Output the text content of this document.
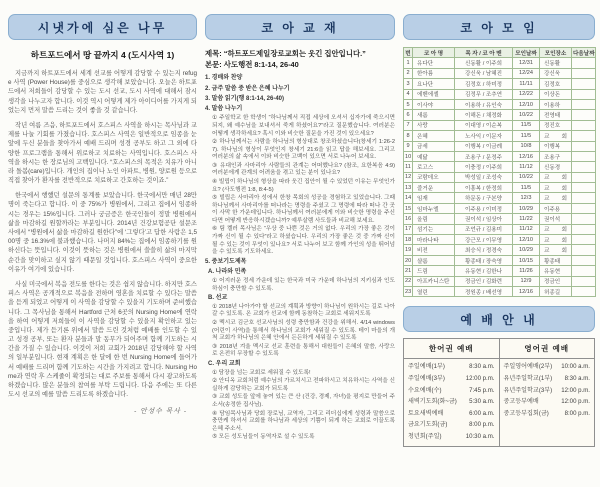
시냇가에 심은 나무
하트포드에서 땅 끝까지 4 (도시사역 1)

지금까지 하트포드에서 세계 선교를 어떻게 감당할 수 있는지 refuge 사역 (Power House)를 중심으로 생각해 보았습니다. 오늘은 하트포드에서 저희들이 감당할 수 있는 도시 선교, 도시 사역에 대해서 잠시 생각을 나누고자 합니다. 이것 역시 어떻게 제가 아이디어를 가지게 되었는지 먼저 말씀 드리는 것이 좋을 것 같습니다.

작년 여름 즈음, 하트포드에서 호스피스 사역을 하시는 목사님과 교제를 나눌 기회를 가졌습니다. 호스피스 사역은 일반적으로 임종을 눈 앞에 두신 분들을 찾아가서 예배 드리며 성경 공부도 하고 그 외에 다양한 프로그램을 통해서 위로하고 치료하는 사역입니다. 호스피스 사역을 하시는 한 장로님의 고백입니다. “호스피스의 목적은 치유가 아니라 돌봄(care)입니다. 개인의 집이나 노인 아파트, 병원, 양로원 등으로 직접 찾아가 환자를 전반적으로 치료하고 간호하는 것이죠.”

한국에서 행했던 설문의 통계를 보았습니다. 한국에서만 매년 28만 명이 죽는다고 합니다. 이 중 75%가 병원에서, 그리고 집에서 임종하시는 경우는 15%입니다. 그러나 궁금증은 한국인들이 정말 병원에서 삶을 마감하길 원할까라는 부분입니다. 2014년 건강보험공단 설문조사에서 “병원에서 삶을 마감하길 원한다”에 ‘그렇다’고 답한 사람은 1,500명 중 16.3%에 불과했습니다. 나머지 84%는 집에서 임종하기를 원하신다는 뜻입니다. 이것이 뜻하는 것은 병원에서 쓸쓸히 삶의 마지막 순간을 맞이하고 싶지 않기 때문일 것입니다. 호스피스 사역이 중요한 이유가 여기에 있습니다.

사실 미국에서 복음 전도를 한다는 것은 쉽지 않습니다. 하지만 호스피스 사역은 공개적으로 복음을 전하며 영혼을 치료할 수 있다는 말씀을 듣게 되었고 어떻게 이 사역을 감당할 수 있을지 기도하며 준비했습니다. 그 목사님을 통해서 Hartford 근처 6곳의 Nursing Home에 연락을 하여 어떻게 저희들이 이 사역을 감당할 수 있을지 확인하고 있는 중입니다. 제가 듣기론 위에서 말씀 드린 것처럼 예배를 인도할 수 있고 성경 공부, 또는 환자 분들과 말 동무가 되어주며 함께 기도하는 시간을 가질 수 있습니다. 이것이 저희 교회가 2018년 감당해야 할 사역의 일부분입니다. 현재 계획은 한 달에 한 번 Nursing Home에 들어가서 예배를 드리며 함께 기도하는 시간을 가지려고 합니다. Nursing Home과 연락 후 스케줄이 확정되는 대로 주보를 통해서 다시 광고하도록 하겠습니다. 많은 분들의 참여를 부탁 드립니다. 다음 주에는 또 다른 도시 선교의 예를 말씀 드리도록 하겠습니다.

- 안성수 목사 -
코 아 교 재
제목: “하트포드제일장로교회는 웃긴 집안입니다.”
본문: 사도행전 8:1-14, 26-40
1. 경배와 찬양
2. 금주 말씀 중 받은 은혜 나누기
3. 말씀 읽기(행 8:1-14, 26-40)
4. 말씀 나누기
① 주일학교 한 학생이 “하나님께서 직접 세상에 오셔서 십자가에 죽으시면 되지, 왜 예수님을 보내셔서 죽게 하셨어요?”라고 질문했습니다. 여러분은 어떻게 생각하세요? 혹시 이와 비슷한 질문을 가진 것이 있으세요?
② 하나님께서는 사람을 하나님의 형상대로 창조하셨습니다(창세기 1:26-27). 하나님의 형상이 무엇인지 창세기 21:6을 읽고 답을 해보세요. 그리고 여러분의 삶 속에서 이와 비슷한 고백이 있으면 서로 나누어 보세요.
③ 유대인과 사마리아 사람들의 관계는 어떠했나요? (참조, 요한복음 4:9) 여러분에게 관계의 어려움을 겪고 있는 분이 있나요?
④ 빌립이 하나님의 형상을 따라 웃긴 집안이 될 수 있었던 이유는 무엇인가요? (사도행전 1:8, 8:4-5)
⑤ 빌립은 사마리아 성에서 한창 목회의 성공을 경험하고 있었습니다. 그때 하나님께서 사마리아를 떠나라는 명령을 주셨고 그 명령에 따라 떠나 간 곳이 사막 한 가운데입니다. 하나님께서 여러분에게 이와 비슷한 명령을 주신다면 어떻게 반응하시겠습니까? 예루살렘 사도들과 비교해 보세요.
⑥ 팀 켈러 목사님은 “우상 중 나쁜 것은 거의 없다. 우리의 가장 좋은 것이 가짜 신이 될 수 있다”라고 하셨습니다. 우리의 가장 좋은 것 중 가짜 신이 될 수 있는 것이 무엇이 있나요? 서로 나누어 보고 함께 가인의 성을 뛰어넘을 수 있도록 기도하세요.
5. 중보기도제목
A. 나라와 민족
① 어지러운 정세 가운데 있는 한국과 미국 가운데 하나님의 지키심과 인도하심이 충만할 수 있도록.
B. 선교
① 2018년 나아가야 할 선교의 계획과 방향이 하나님이 원하시는 길로 나아갈 수 있도록. 온 교회가 선교에 함께 동참하는 교회로 세워지도록
② 멕시코 김군호 선교사님의 성령 충만함과 건강을 위해서. 4/14 windows (어린이 사역)을 통해서 하나님의 교회가 세워질 수 있도록. 테이 마을의 개척 교회가 하나님의 은혜 안에서 든든하게 세워질 수 있도록
③ 2018년 겨울 멕시코 선교 훈련을 통해서 대원들이 은혜의 말씀, 사랑으로 온전히 무장할 수 있도록
C. 우리 교회
① 담장을 넘는 교회로 세워질 수 있도록!
② 안디옥 교회처럼 예수님의 가르치시고 전파하시고 치유하시는 사역을 신실하게 감당하는 교회가 되도록
③ 교회 성도들 앞에 놓여 있는 큰 산 (건강, 경제, 자녀)을 평지로 만들어 주소서(송정한 집사님).
④ 담임목사님과 당회 장로님, 교역자, 그리고 리더십에게 성령과 말씀으로 충만케 하셔서 교회를 하나님과 세상의 기쁨이 되게 하는 교회로 이끌도록 은혜 주소서.
⑤ 모든 성도님들이 동역자로 설 수 있도록
코 아 모 임
번	코 아 명	목 자 / 코 아 맨	모인날짜	모인장소	다음날짜
1	유다단	신동활 / 이주희	12/31	신동활	
2	한아름	강신욱 / 남혜진	12/24	강신욱	
3	요나단	김정호 / 하미정	11/11	김정호	
4	에벤에셀	김정무 / 조추연	12/22	이상돈	
5	이사야	이용하 / 유인숙	12/10	이용하	
6	새롬	이해돈 / 채정화	10/22	전영태	
7	사랑	이대영 / 이순복	11/5	정진호	
8	은혜	노사익 / 이문자	11/5	교 회	
9	금세	이행복 / 이금례	10/8	이행복	
10	예닮	조용구 / 문정주	12/16	조용구	
11	로고스	이충정 / 이주희	11/12	신동경	
12	코람데오	박성일 / 조성숙	10/22	교 회	
13	즐거운	이흥복 / 한정희	11/5	교 회	
14	임재	하문동 / 구본양	12/3	교 회	
15	임마누엘	이주용 / 이미정	10/29	이주용	
16	올림	권이석 / 임상아	11/22	권이석	
17	섬기는	조언규 / 김용미	11/12	교 회	
18	마라나타	강근모 / 이무영	12/10	교 회	
19	비전	최승식 / 정경숙	10/29	교 회	
20	샬롬	황종태 / 장숙영	10/15	황종태	
21	드림	유동현 / 김한나	11/26	유동현	
22	아프카니스탄	정금인 / 김화련	12/9	정금인	
23	열린	정원종 / 배선영	12/16	허종길	
예 배 안 내
한어권 예배
주일예배(1부)	8:30 a.m.
주일예배(3부)	12:00 p.m.
수요예배(수)	7:45 p.m.
새벽기도회(화~금) 5:30 a.m.
토요새벽예배	6:00 a.m.
금요기도회(금)	8:00 p.m.
청년회(주일)	10:30 a.m.
영어권 예배
주일영어예배(2부) 10:00 a.m.
유년주일학교(1부) 8:30 a.m.
유년주일학교(3부) 12:00 p.m.
중고등부예배	12:00 p.m.
중고등부집회(금)	8:00 p.m.
